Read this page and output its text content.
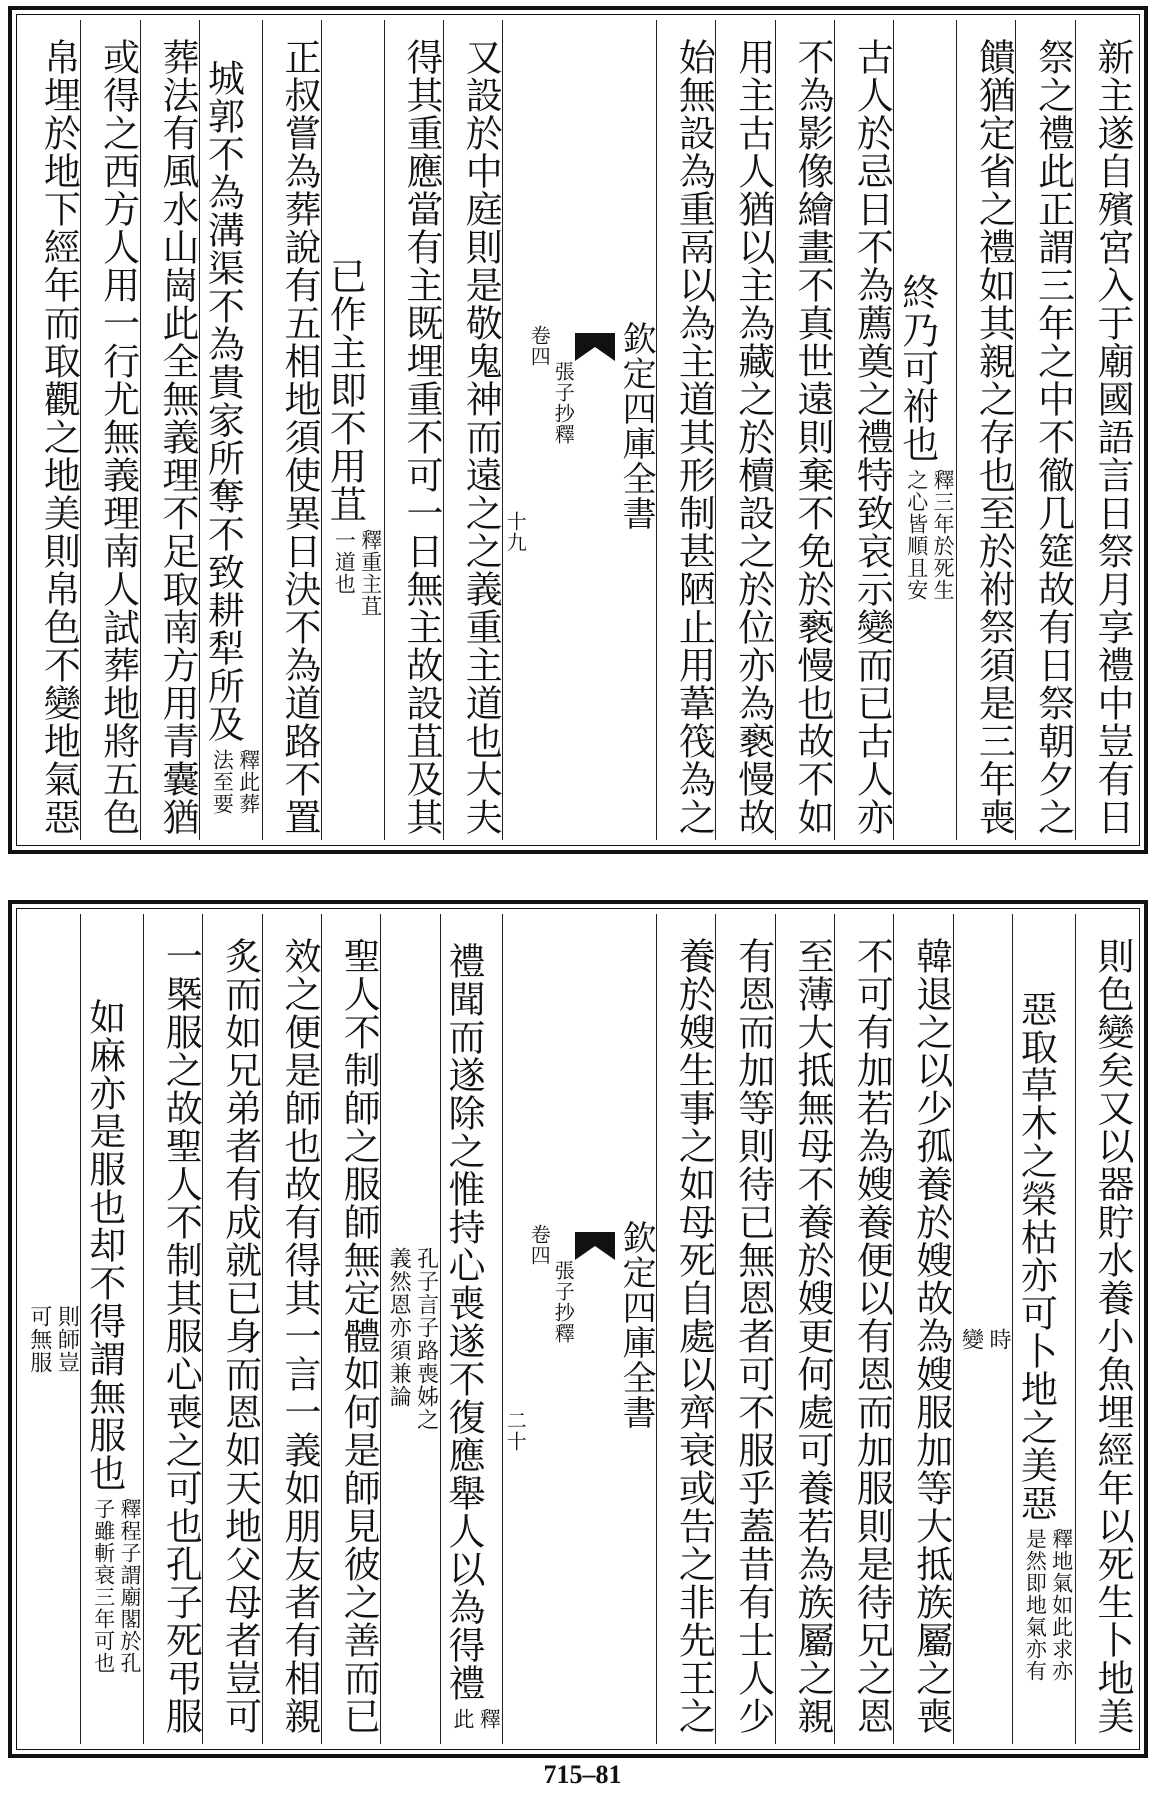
新主遂自殯宮入于廟國語言日祭月享禮中豈有日
祭之禮此正謂三年之中不徹几筵故有日祭朝夕之
饋猶定省之禮如其親之存也至於祔祭須是三年喪
終乃可祔也釋三年於死生
之心皆順且安
古人於忌日不為薦奠之禮特致哀示變而已古人亦
不為影像繪畫不真世遠則棄不免於褻慢也故不如
用主古人猶以主為藏之於櫝設之於位亦為褻慢故
始無設為重鬲以為主道其形制甚陋止用葦筏為之
欽定四庫全書
張子抄釋
卷四
十九
又設於中庭則是敬鬼神而遠之之義重主道也大夫
得其重應當有主既埋重不可一日無主故設苴及其
已作主即不用苴釋重主苴
一道也
正叔嘗為葬說有五相地須使異日決不為道路不置
城郭不為溝渠不為貴家所奪不致耕犁所及釋此葬
法至要
葬法有風水山崗此全無義理不足取南方用青囊猶
或得之西方人用一行尤無義理南人試葬地將五色
帛埋於地下經年而取觀之地美則帛色不變地氣惡
則色變矣又以器貯水養小魚埋經年以死生卜地美
惡取草木之榮枯亦可卜地之美惡釋地氣如此求亦
是然即地氣亦有
時
變
韓退之以少孤養於嫂故為嫂服加等大抵族屬之喪
不可有加若為嫂養便以有恩而加服則是待兄之恩
至薄大抵無母不養於嫂更何處可養若為族屬之親
有恩而加等則待已無恩者可不服乎蓋昔有士人少
養於嫂生事之如母死自處以齊衰或告之非先王之
欽定四庫全書
張子抄釋
卷四
二十
禮聞而遂除之惟持心喪遂不復應舉人以為得禮釋
此
孔子言子路喪姊之
義然恩亦須兼論
聖人不制師之服師無定體如何是師見彼之善而已
效之便是師也故有得其一言一義如朋友者有相親
炙而如兄弟者有成就已身而恩如天地父母者豈可
一槩服之故聖人不制其服心喪之可也孔子死弔服
如麻亦是服也却不得謂無服也釋程子謂廟閣於孔
子雖斬衰三年可也
則師豈
可無服
715–81
